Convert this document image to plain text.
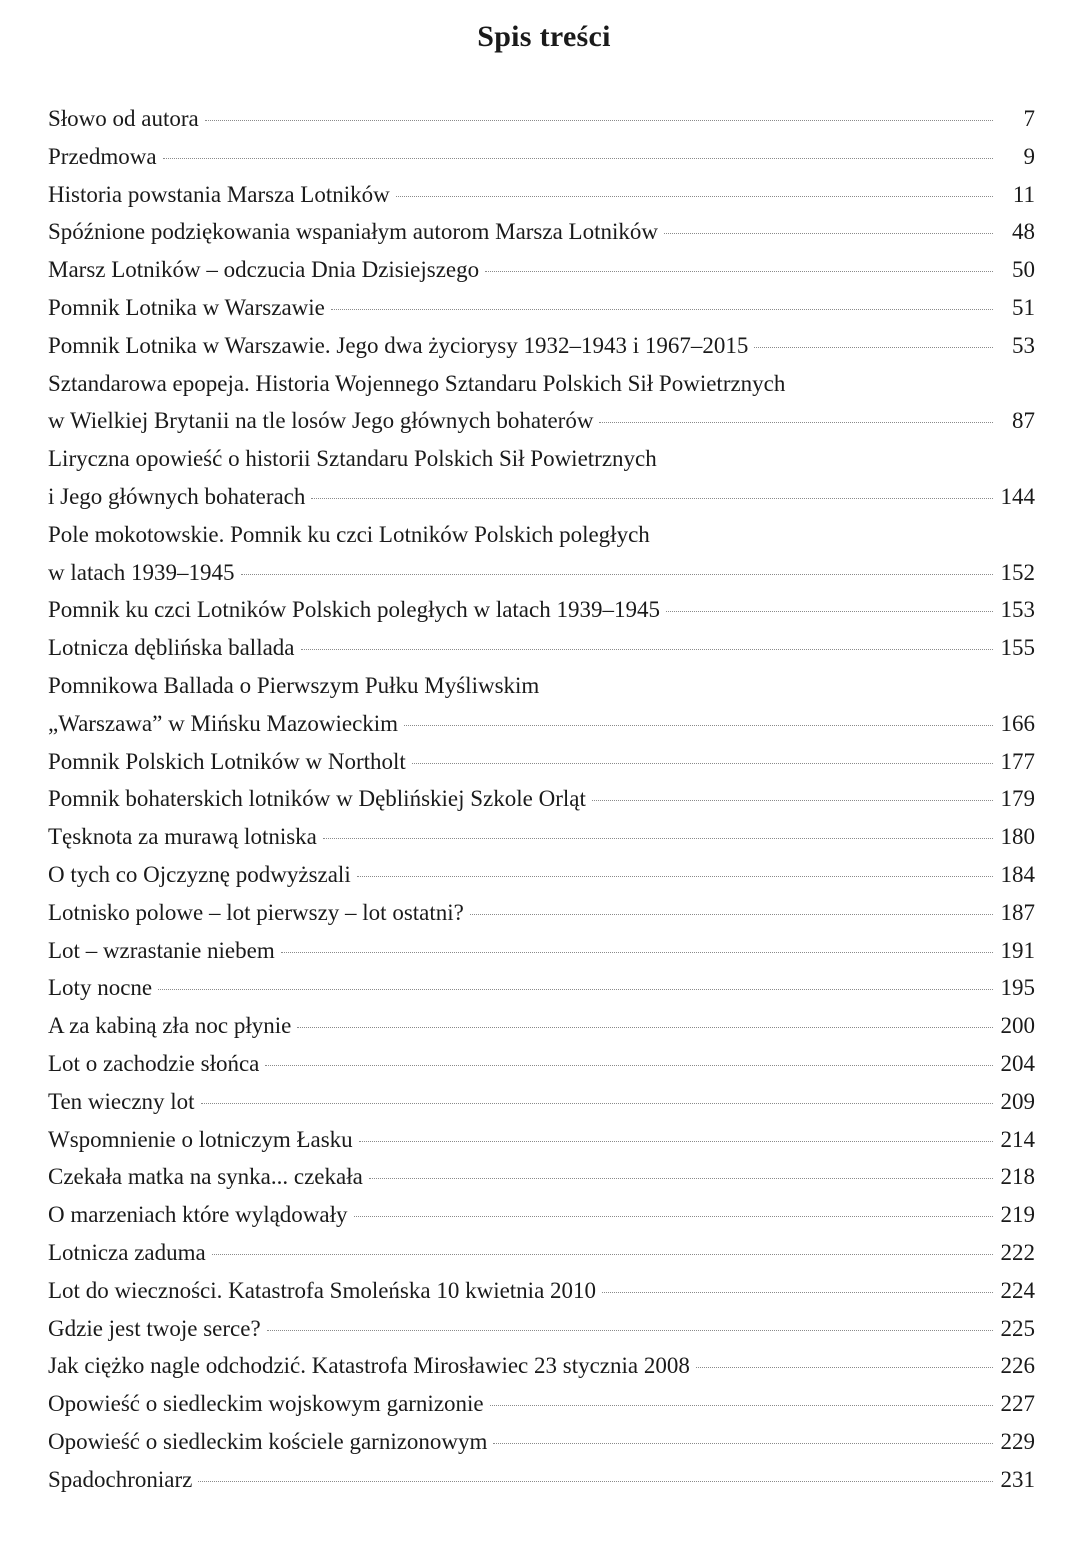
Spis treści
Słowo od autora	7
Przedmowa	9
Historia powstania Marsza Lotników	11
Spóźnione podziękowania wspaniałym autorom Marsza Lotników	48
Marsz Lotników – odczucia Dnia Dzisiejszego	50
Pomnik Lotnika w Warszawie	51
Pomnik Lotnika w Warszawie. Jego dwa życiorysy 1932–1943 i 1967–2015	53
Sztandarowa epopeja. Historia Wojennego Sztandaru Polskich Sił Powietrznych
w Wielkiej Brytanii na tle losów Jego głównych bohaterów	87
Liryczna opowieść o historii Sztandaru Polskich Sił Powietrznych
i Jego głównych bohaterach	144
Pole mokotowskie. Pomnik ku czci Lotników Polskich poległych
w latach 1939–1945	152
Pomnik ku czci Lotników Polskich poległych w latach 1939–1945	153
Lotnicza dęblińska ballada	155
Pomnikowa Ballada o Pierwszym Pułku Myśliwskim
„Warszawa” w Mińsku Mazowieckim	166
Pomnik Polskich Lotników w Northolt	177
Pomnik bohaterskich lotników w Dęblińskiej Szkole Orląt	179
Tęsknota za murawą lotniska	180
O tych co Ojczyznę podwyższali	184
Lotnisko polowe – lot pierwszy – lot ostatni?	187
Lot – wzrastanie niebem	191
Loty nocne	195
A za kabiną zła noc płynie	200
Lot o zachodzie słońca	204
Ten wieczny lot	209
Wspomnienie o lotniczym Łasku	214
Czekała matka na synka... czekała	218
O marzeniach które wylądowały	219
Lotnicza zaduma	222
Lot do wieczności. Katastrofa Smoleńska 10 kwietnia 2010	224
Gdzie jest twoje serce?	225
Jak ciężko nagle odchodzić. Katastrofa Mirosławiec 23 stycznia 2008	226
Opowieść o siedleckim wojskowym garnizonie	227
Opowieść o siedleckim kościele garnizonowym	229
Spadochroniarz	231
